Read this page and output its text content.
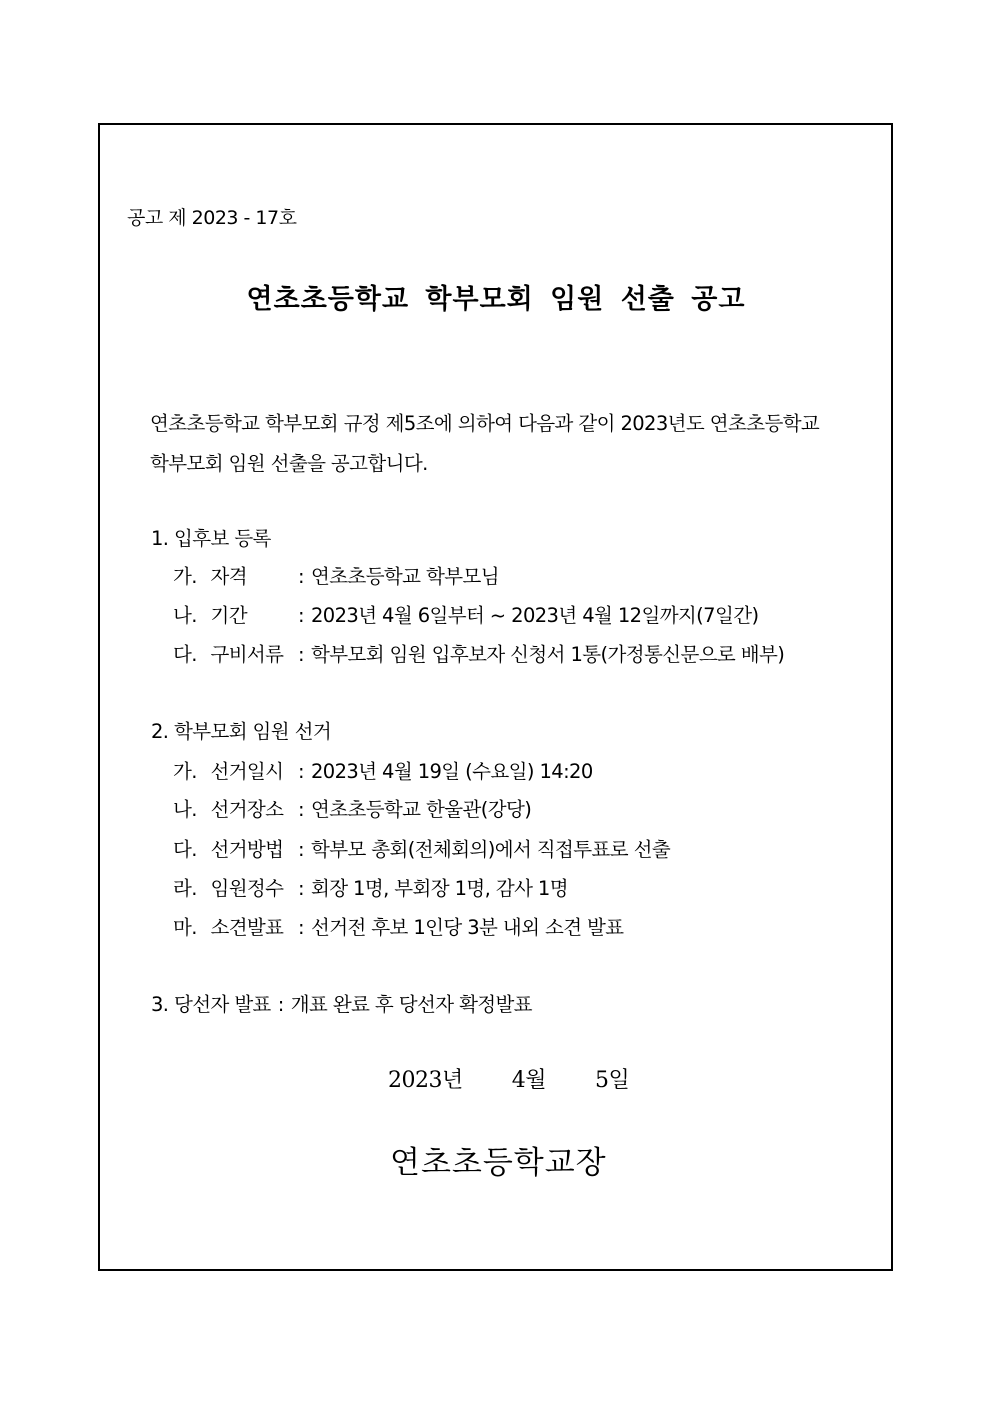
공고 제 2023 - 17호
연초초등학교 학부모회 임원 선출 공고
연초초등학교 학부모회 규정 제5조에 의하여 다음과 같이 2023년도 연초초등학교
학부모회 임원 선출을 공고합니다.
1. 입후보 등록
가. 자 격	: 연초초등학교 학부모님
나. 기 간	: 2023년 4월 6일부터 ~ 2023년 4월 12일까지(7일간)
다. 구비서류 : 학부모회 임원 입후보자 신청서 1통(가정통신문으로 배부)
2. 학부모회 임원 선거
가. 선거일시 : 2023년 4월 19일 (수요일) 14:20
나. 선거장소 : 연초초등학교 한울관(강당)
다. 선거방법 : 학부모 총회(전체회의)에서 직접투표로 선출
라. 임원정수 : 회장 1명, 부회장 1명, 감사 1명
마. 소견발표 : 선거전 후보 1인당 3분 내외 소견 발표
3. 당선자 발표 : 개표 완료 후 당선자 확정발표
2023년 4월 5일
연초초등학교장
